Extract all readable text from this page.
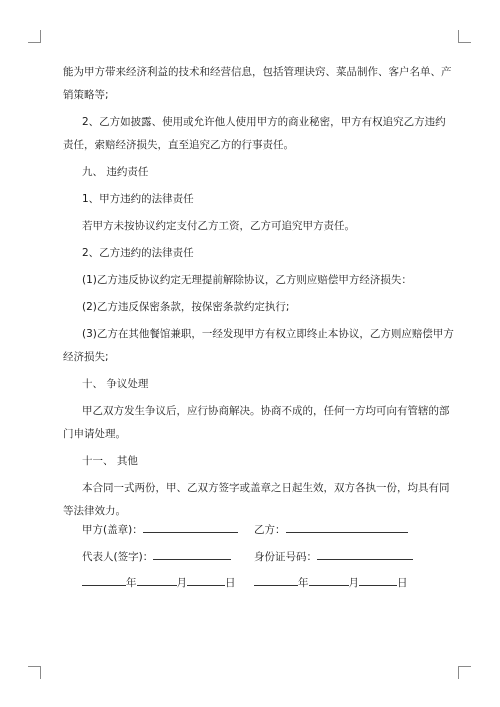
能为甲方带来经济利益的技术和经营信息，包括管理诀窍、菜品制作、客户名单、产
销策略等;
2、乙方如披露、使用或允许他人使用甲方的商业秘密，甲方有权追究乙方违约
责任，索赔经济损失，直至追究乙方的行事责任。
九、 违约责任
1、甲方违约的法律责任
若甲方未按协议约定支付乙方工资，乙方可追究甲方责任。
2、乙方违约的法律责任
(1)乙方违反协议约定无理提前解除协议，乙方则应赔偿甲方经济损失：
(2)乙方违反保密条款，按保密条款约定执行;
(3)乙方在其他餐馆兼职，一经发现甲方有权立即终止本协议，乙方则应赔偿甲方
经济损失;
十、 争议处理
甲乙双方发生争议后，应行协商解决。协商不成的，任何一方均可向有管辖的部
门申请处理。
十一、 其他
本合同一式两份，甲、乙双方签字或盖章之日起生效，双方各执一份，均具有同
等法律效力。
甲方(盖章)：	乙方：
代表人(签字)：	身份证号码：
年	月	日	年	月	日
